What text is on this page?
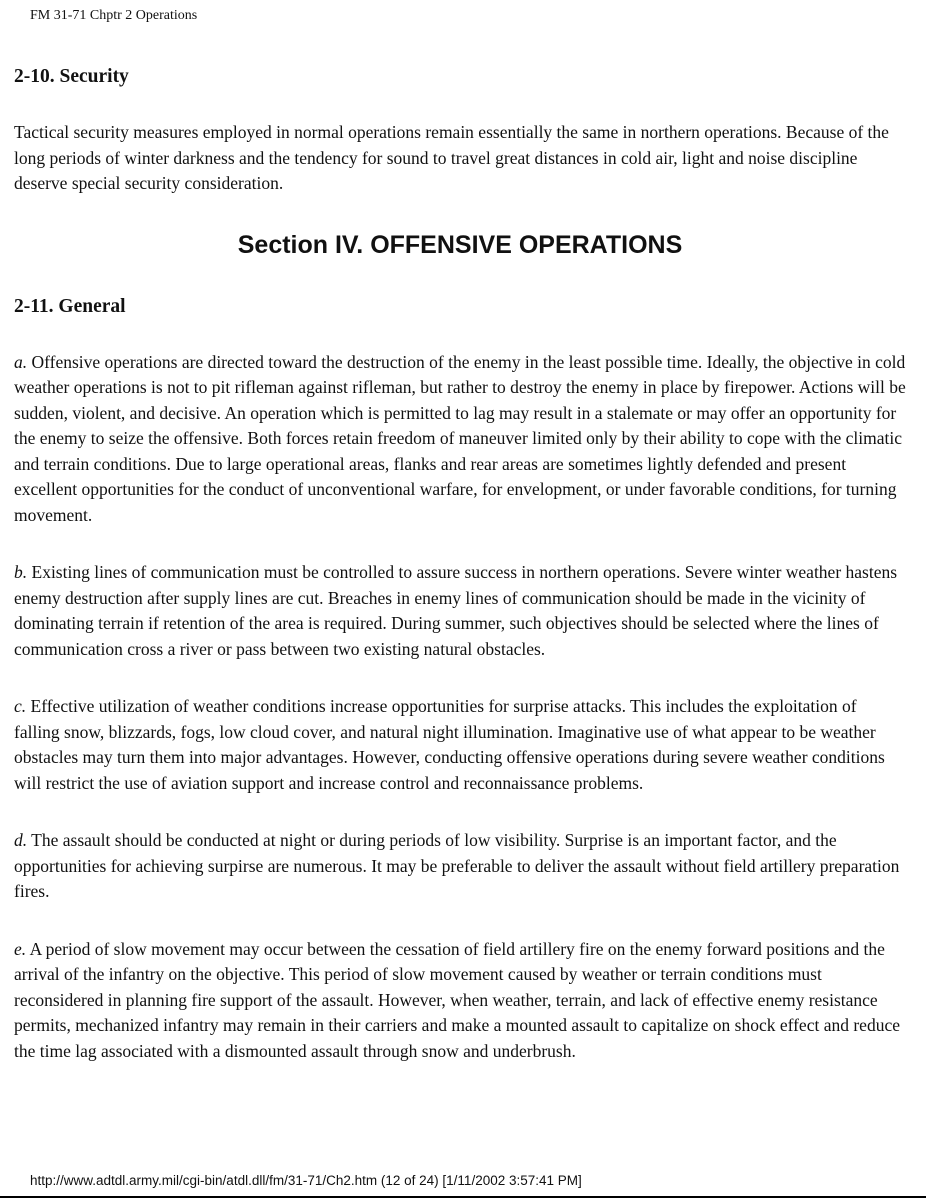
FM 31-71 Chptr 2 Operations
2-10. Security

Tactical security measures employed in normal operations remain essentially the same in northern operations. Because of the long periods of winter darkness and the tendency for sound to travel great distances in cold air, light and noise discipline deserve special security consideration.

Section IV. OFFENSIVE OPERATIONS
2-11. General

a. Offensive operations are directed toward the destruction of the enemy in the least possible time. Ideally, the objective in cold weather operations is not to pit rifleman against rifleman, but rather to destroy the enemy in place by firepower. Actions will be sudden, violent, and decisive. An operation which is permitted to lag may result in a stalemate or may offer an opportunity for the enemy to seize the offensive. Both forces retain freedom of maneuver limited only by their ability to cope with the climatic and terrain conditions. Due to large operational areas, flanks and rear areas are sometimes lightly defended and present excellent opportunities for the conduct of unconventional warfare, for envelopment, or under favorable conditions, for turning movement.

b. Existing lines of communication must be controlled to assure success in northern operations. Severe winter weather hastens enemy destruction after supply lines are cut. Breaches in enemy lines of communication should be made in the vicinity of dominating terrain if retention of the area is required. During summer, such objectives should be selected where the lines of communication cross a river or pass between two existing natural obstacles.

c. Effective utilization of weather conditions increase opportunities for surprise attacks. This includes the exploitation of falling snow, blizzards, fogs, low cloud cover, and natural night illumination. Imaginative use of what appear to be weather obstacles may turn them into major advantages. However, conducting offensive operations during severe weather conditions will restrict the use of aviation support and increase control and reconnaissance problems.

d. The assault should be conducted at night or during periods of low visibility. Surprise is an important factor, and the opportunities for achieving surpirse are numerous. It may be preferable to deliver the assault without field artillery preparation fires.

e. A period of slow movement may occur between the cessation of field artillery fire on the enemy forward positions and the arrival of the infantry on the objective. This period of slow movement caused by weather or terrain conditions must reconsidered in planning fire support of the assault. However, when weather, terrain, and lack of effective enemy resistance permits, mechanized infantry may remain in their carriers and make a mounted assault to capitalize on shock effect and reduce the time lag associated with a dismounted assault through snow and underbrush.

http://www.adtdl.army.mil/cgi-bin/atdl.dll/fm/31-71/Ch2.htm (12 of 24) [1/11/2002 3:57:41 PM]
